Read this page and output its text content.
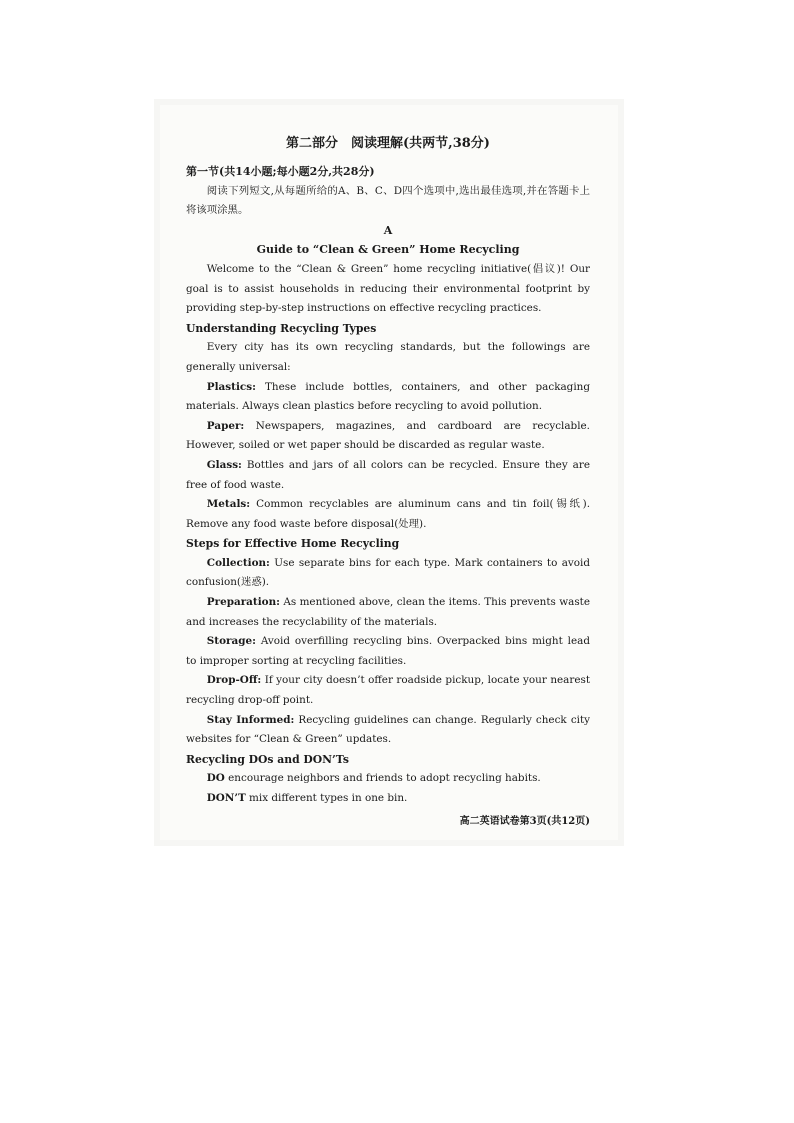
第二部分　阅读理解(共两节,38分)

第一节(共14小题;每小题2分,共28分)

阅读下列短文,从每题所给的A、B、C、D四个选项中,选出最佳选项,并在答题卡上将该项涂黑。

A

Guide to “Clean & Green” Home Recycling

Welcome to the “Clean & Green” home recycling initiative(倡议)! Our goal is to assist households in reducing their environmental footprint by providing step-by-step instructions on effective recycling practices.

Understanding Recycling Types

Every city has its own recycling standards, but the followings are generally universal:

Plastics: These include bottles, containers, and other packaging materials. Always clean plastics before recycling to avoid pollution.

Paper: Newspapers, magazines, and cardboard are recyclable. However, soiled or wet paper should be discarded as regular waste.

Glass: Bottles and jars of all colors can be recycled. Ensure they are free of food waste.

Metals: Common recyclables are aluminum cans and tin foil(锡纸). Remove any food waste before disposal(处理).

Steps for Effective Home Recycling

Collection: Use separate bins for each type. Mark containers to avoid confusion(迷惑).

Preparation: As mentioned above, clean the items. This prevents waste and increases the recyclability of the materials.

Storage: Avoid overfilling recycling bins. Overpacked bins might lead to improper sorting at recycling facilities.

Drop-Off: If your city doesn’t offer roadside pickup, locate your nearest recycling drop-off point.

Stay Informed: Recycling guidelines can change. Regularly check city websites for “Clean & Green” updates.

Recycling DOs and DON’Ts

DO encourage neighbors and friends to adopt recycling habits.

DON’T mix different types in one bin.

高二英语试卷第3页(共12页)
